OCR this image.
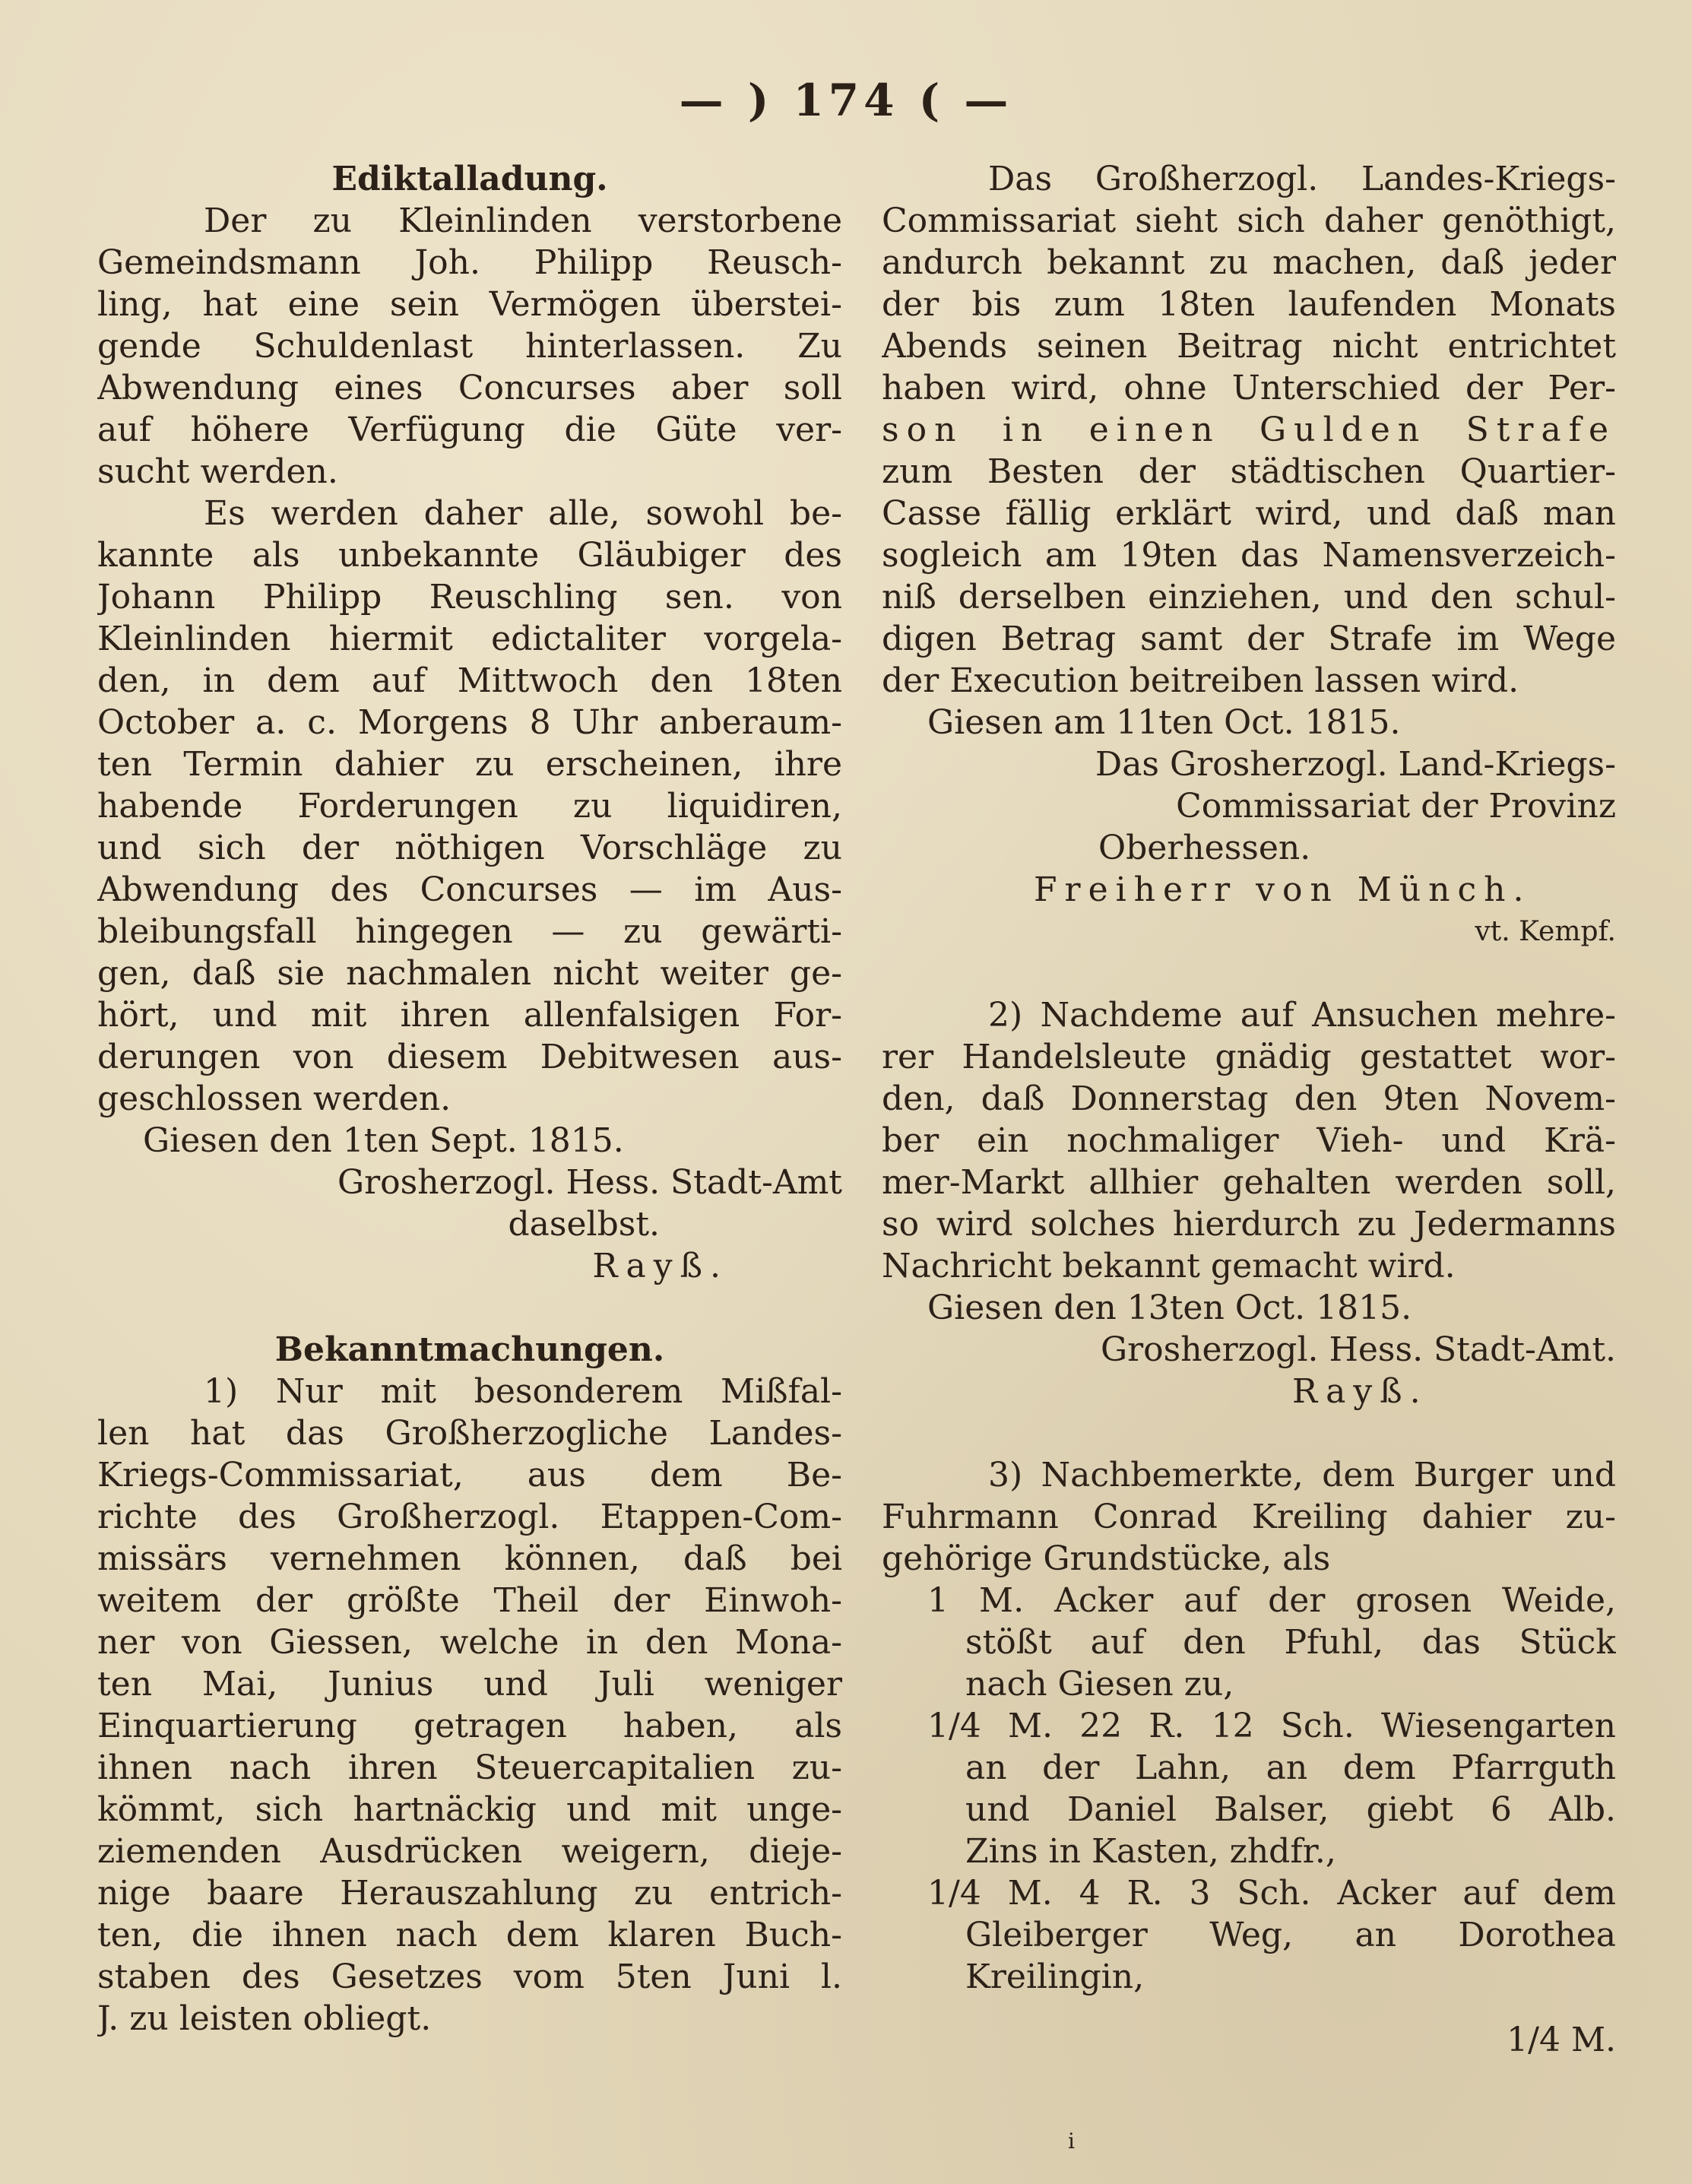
— ) 174 ( —
Ediktalladung.
Der zu Kleinlinden verstorbene
Gemeindsmann Joh. Philipp Reusch-
ling, hat eine sein Vermögen überstei-
gende Schuldenlast hinterlassen. Zu
Abwendung eines Concurses aber soll
auf höhere Verfügung die Güte ver-
sucht werden.
Es werden daher alle, sowohl be-
kannte als unbekannte Gläubiger des
Johann Philipp Reuschling sen. von
Kleinlinden hiermit edictaliter vorgela-
den, in dem auf Mittwoch den 18ten
October a. c. Morgens 8 Uhr anberaum-
ten Termin dahier zu erscheinen, ihre
habende Forderungen zu liquidiren,
und sich der nöthigen Vorschläge zu
Abwendung des Concurses — im Aus-
bleibungsfall hingegen — zu gewärti-
gen, daß sie nachmalen nicht weiter ge-
hört, und mit ihren allenfalsigen For-
derungen von diesem Debitwesen aus-
geschlossen werden.
Giesen den 1ten Sept. 1815.
Grosherzogl. Hess. Stadt-Amt
daselbst.
Rayß.
Bekanntmachungen.
1) Nur mit besonderem Mißfal-
len hat das Großherzogliche Landes-
Kriegs-Commissariat, aus dem Be-
richte des Großherzogl. Etappen-Com-
missärs vernehmen können, daß bei
weitem der größte Theil der Einwoh-
ner von Giessen, welche in den Mona-
ten Mai, Junius und Juli weniger
Einquartierung getragen haben, als
ihnen nach ihren Steuercapitalien zu-
kömmt, sich hartnäckig und mit unge-
ziemenden Ausdrücken weigern, dieje-
nige baare Herauszahlung zu entrich-
ten, die ihnen nach dem klaren Buch-
staben des Gesetzes vom 5ten Juni l.
J. zu leisten obliegt.
Das Großherzogl. Landes-Kriegs-
Commissariat sieht sich daher genöthigt,
andurch bekannt zu machen, daß jeder
der bis zum 18ten laufenden Monats
Abends seinen Beitrag nicht entrichtet
haben wird, ohne Unterschied der Per-
son in einen Gulden Strafe
zum Besten der städtischen Quartier-
Casse fällig erklärt wird, und daß man
sogleich am 19ten das Namensverzeich-
niß derselben einziehen, und den schul-
digen Betrag samt der Strafe im Wege
der Execution beitreiben lassen wird.
Giesen am 11ten Oct. 1815.
Das Grosherzogl. Land-Kriegs-
Commissariat der Provinz
Oberhessen.
Freiherr von Münch.
vt. Kempf.
2) Nachdeme auf Ansuchen mehre-
rer Handelsleute gnädig gestattet wor-
den, daß Donnerstag den 9ten Novem-
ber ein nochmaliger Vieh- und Krä-
mer-Markt allhier gehalten werden soll,
so wird solches hierdurch zu Jedermanns
Nachricht bekannt gemacht wird.
Giesen den 13ten Oct. 1815.
Grosherzogl. Hess. Stadt-Amt.
Rayß.
3) Nachbemerkte, dem Burger und
Fuhrmann Conrad Kreiling dahier zu-
gehörige Grundstücke, als
1 M. Acker auf der grosen Weide,
stößt auf den Pfuhl, das Stück
nach Giesen zu,
1/4 M. 22 R. 12 Sch. Wiesengarten
an der Lahn, an dem Pfarrguth
und Daniel Balser, giebt 6 Alb.
Zins in Kasten, zhdfr.,
1/4 M. 4 R. 3 Sch. Acker auf dem
Gleiberger Weg, an Dorothea
Kreilingin,
1/4 M.
i
